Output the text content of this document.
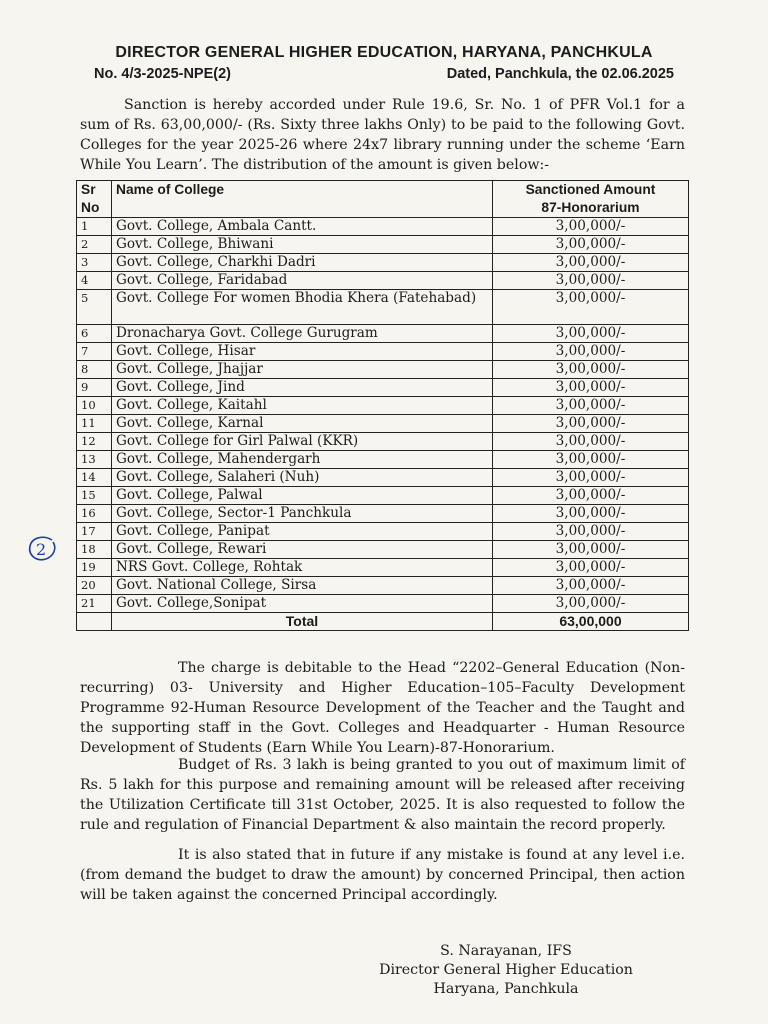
DIRECTOR GENERAL HIGHER EDUCATION, HARYANA, PANCHKULA
No. 4/3-2025-NPE(2)	Dated, Panchkula, the 02.06.2025
Sanction is hereby accorded under Rule 19.6, Sr. No. 1 of PFR Vol.1 for a sum of Rs. 63,00,000/- (Rs. Sixty three lakhs Only) to be paid to the following Govt. Colleges for the year 2025-26 where 24x7 library running under the scheme ‘Earn While You Learn’. The distribution of the amount is given below:-
Sr No	Name of College	Sanctioned Amount
87-Honorarium

1	Govt. College, Ambala Cantt.	3,00,000/-
2	Govt. College, Bhiwani	3,00,000/-
3	Govt. College, Charkhi Dadri	3,00,000/-
4	Govt. College, Faridabad	3,00,000/-
5	Govt. College For women Bhodia Khera (Fatehabad)	3,00,000/-
6	Dronacharya Govt. College Gurugram	3,00,000/-
7	Govt. College, Hisar	3,00,000/-
8	Govt. College, Jhajjar	3,00,000/-
9	Govt. College, Jind	3,00,000/-
10	Govt. College, Kaitahl	3,00,000/-
11	Govt. College, Karnal	3,00,000/-
12	Govt. College for Girl Palwal (KKR)	3,00,000/-
13	Govt. College, Mahendergarh	3,00,000/-
14	Govt. College, Salaheri (Nuh)	3,00,000/-
15	Govt. College, Palwal	3,00,000/-
16	Govt. College, Sector-1 Panchkula	3,00,000/-
17	Govt. College, Panipat	3,00,000/-
18	Govt. College, Rewari	3,00,000/-
19	NRS Govt. College, Rohtak	3,00,000/-
20	Govt. National College, Sirsa	3,00,000/-
21	Govt. College,Sonipat	3,00,000/-
	Total	63,00,000
The charge is debitable to the Head “2202–General Education (Non-recurring) 03- University and Higher Education–105–Faculty Development Programme 92-Human Resource Development of the Teacher and the Taught and the supporting staff in the Govt. Colleges and Headquarter - Human Resource Development of Students (Earn While You Learn)-87-Honorarium.
Budget of Rs. 3 lakh is being granted to you out of maximum limit of Rs. 5 lakh for this purpose and remaining amount will be released after receiving the Utilization Certificate till 31st October, 2025. It is also requested to follow the rule and regulation of Financial Department & also maintain the record properly.
It is also stated that in future if any mistake is found at any level i.e. (from demand the budget to draw the amount) by concerned Principal, then action will be taken against the concerned Principal accordingly.
S. Narayanan, IFS
Director General Higher Education
Haryana, Panchkula
2
